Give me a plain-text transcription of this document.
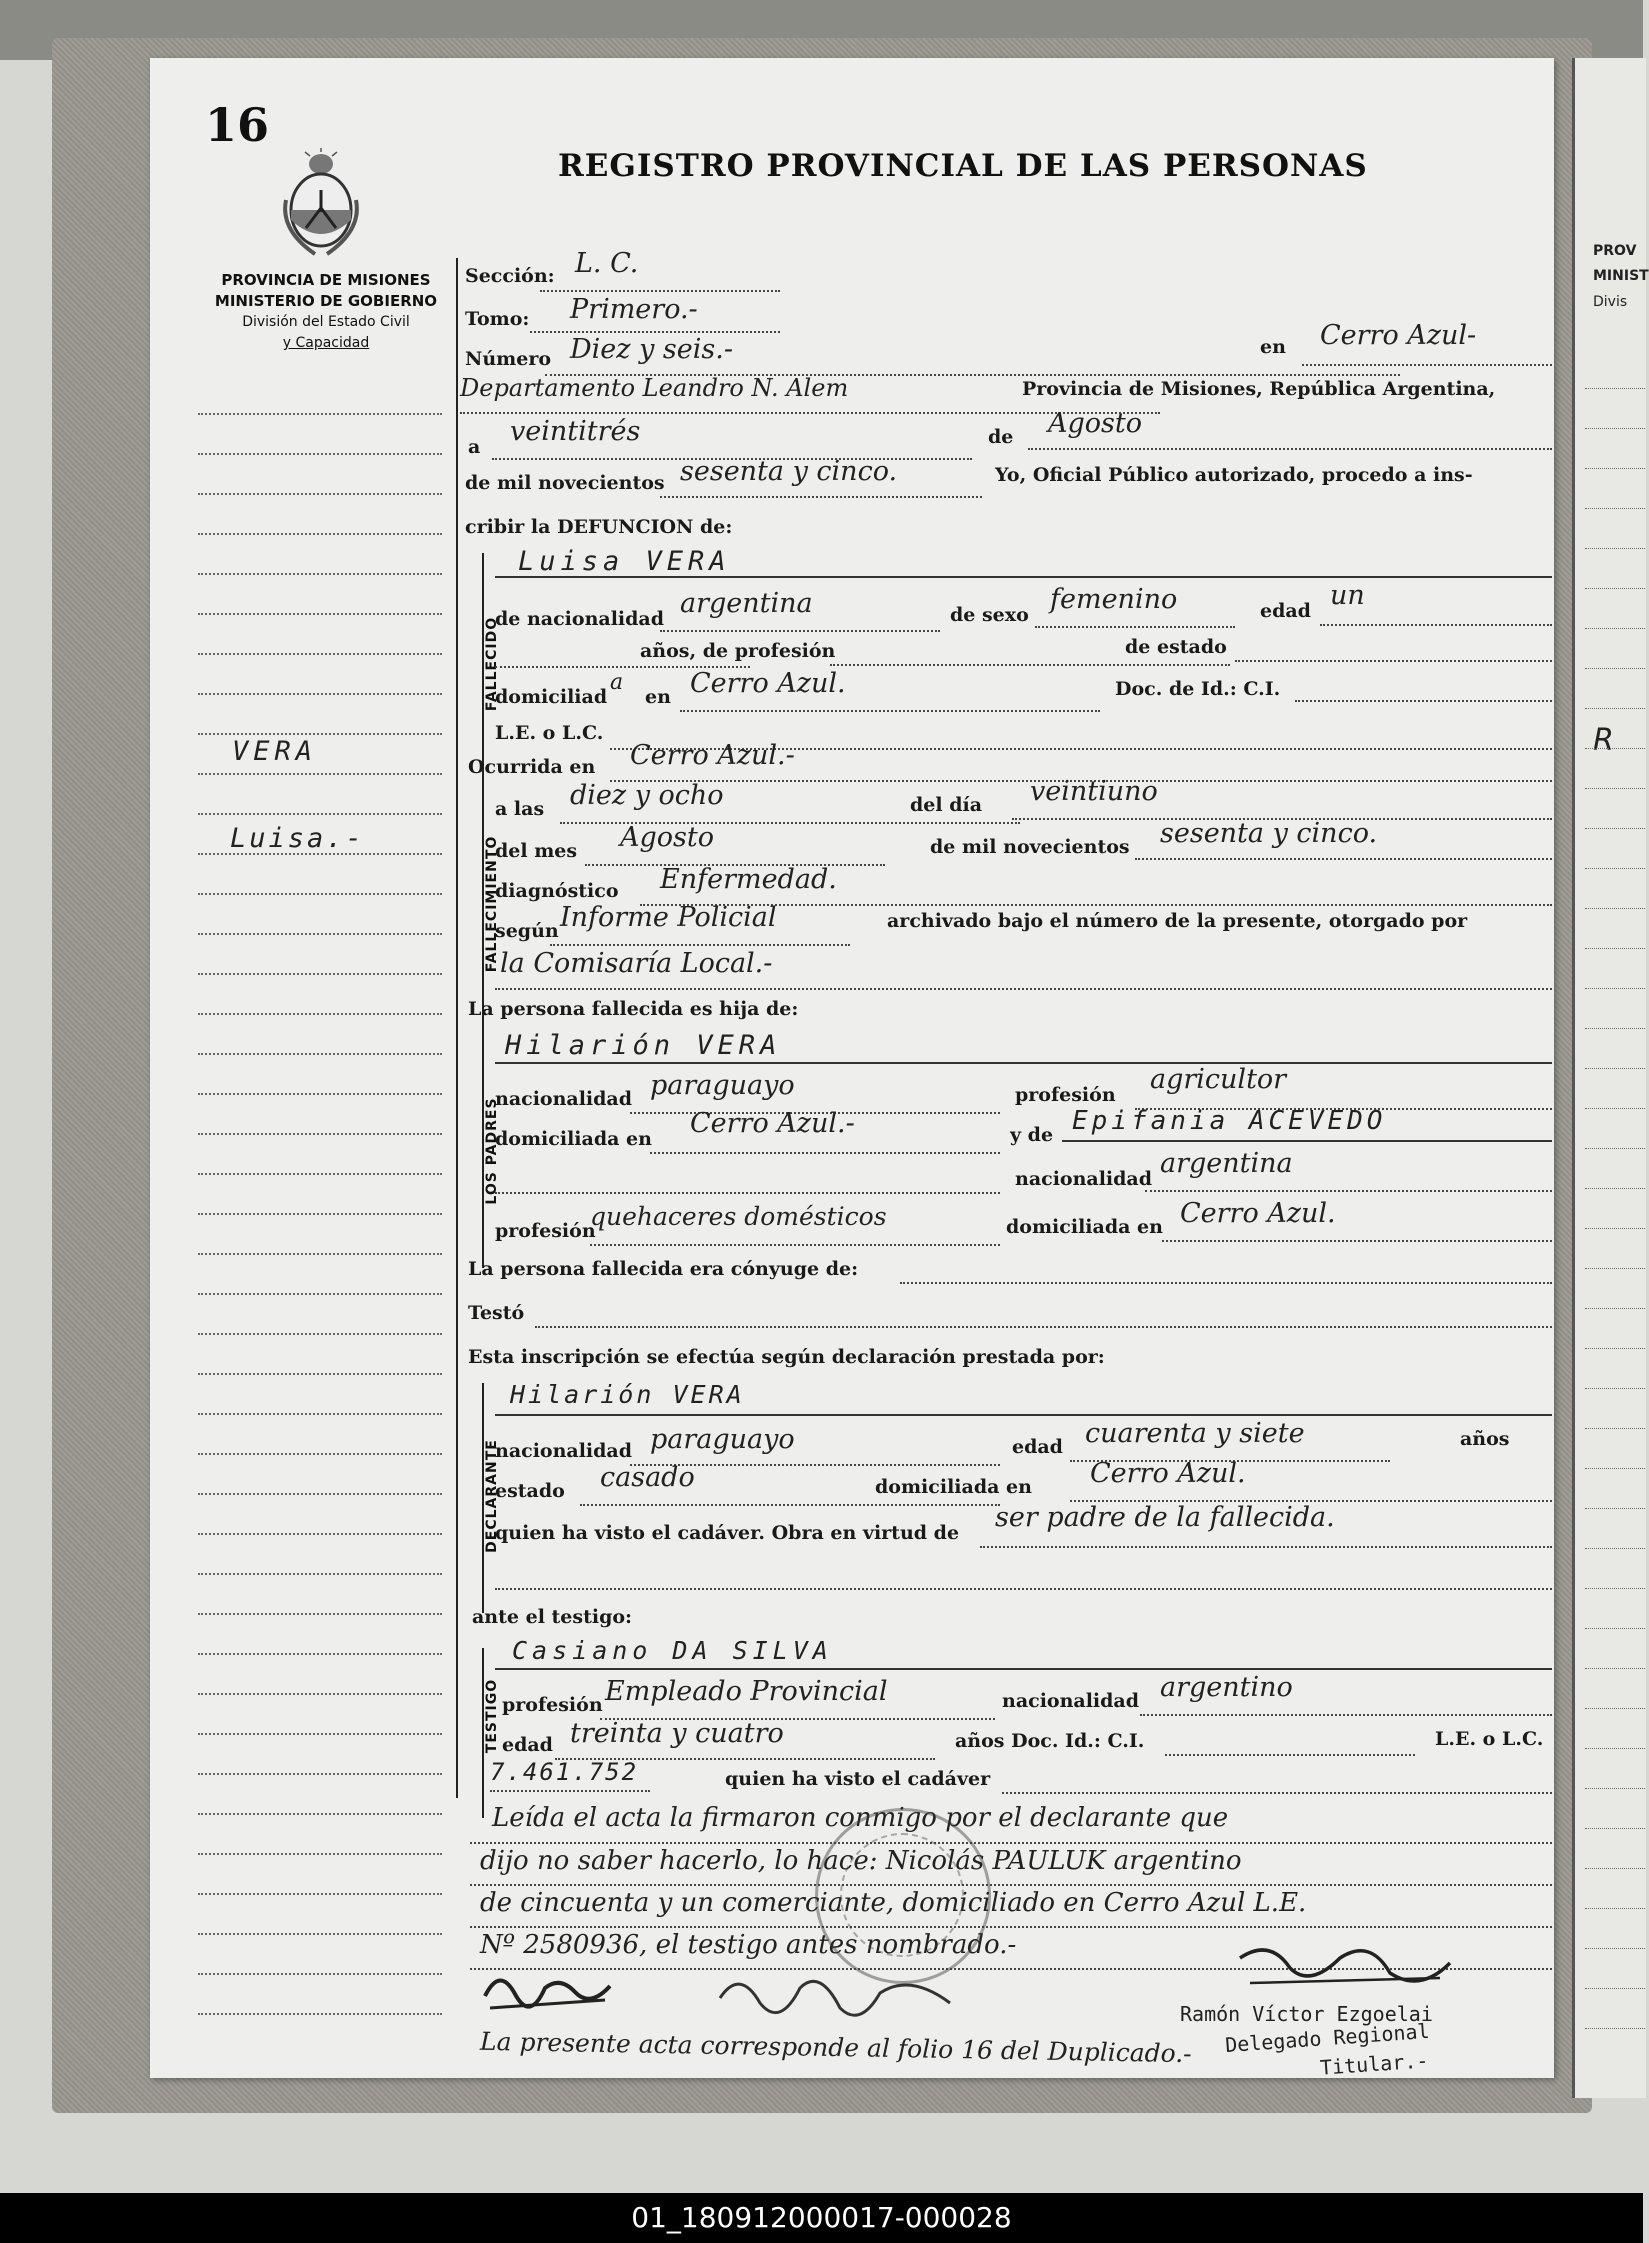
PROV
MINIST
Divis
R
16
REGISTRO PROVINCIAL DE LAS PERSONAS
PROVINCIA DE MISIONES
MINISTERIO DE GOBIERNO
División del Estado Civil
y Capacidad
VERA
Luisa.-
Sección: L. C.
Tomo: Primero.-
Número Diez y seis.-	en Cerro Azul-
Departamento Leandro N. Alem	Provincia de Misiones, República Argentina,
a veintitrés	de Agosto
de mil novecientos sesenta y cinco.	Yo, Oficial Público autorizado, procedo a ins-
cribir la DEFUNCION de:
FALLECIDO
Luisa VERA
de nacionalidad argentina	de sexo femenino	edad un
años, de profesión	de estado
domiciliad
a
en Cerro Azul.	Doc. de Id.: C.I.
L.E. o L.C.
Ocurrida en Cerro Azul.-
FALLECIMIENTO
a las diez y ocho	del día veintiuno
del mes Agosto	de mil novecientos sesenta y cinco.
diagnóstico Enfermedad.
según Informe Policial	archivado bajo el número de la presente, otorgado por
la Comisaría Local.-
La persona fallecida es hija de:
LOS PADRES
Hilarión VERA
nacionalidad paraguayo	profesión agricultor
domiciliada en Cerro Azul.-	y de Epifania ACEVEDO
nacionalidad argentina
profesión
quehaceres domésticos	domiciliada en Cerro Azul.
La persona fallecida era cónyuge de:
Testó
Esta inscripción se efectúa según declaración prestada por:
DECLARANTE
Hilarión VERA
nacionalidad paraguayo	edad cuarenta y siete	años
estado casado	domiciliada en Cerro Azul.
quien ha visto el cadáver. Obra en virtud de ser padre de la fallecida.
ante el testigo:
TESTIGO
Casiano DA SILVA
profesión Empleado Provincial	nacionalidad argentino
edad treinta y cuatro	años Doc. Id.: C.I.	L.E. o L.C.
7.461.752	quien ha visto el cadáver
Leída el acta la firmaron conmigo por el declarante que
dijo no saber hacerlo, lo hace: Nicolás PAULUK argentino
de cincuenta y un comerciante, domiciliado en Cerro Azul L.E.
Nº 2580936, el testigo antes nombrado.-
Ramón Víctor Ezgoelai
Delegado Regional
Titular.-
La presente acta corresponde al folio 16 del Duplicado.-
01_180912000017-000028
